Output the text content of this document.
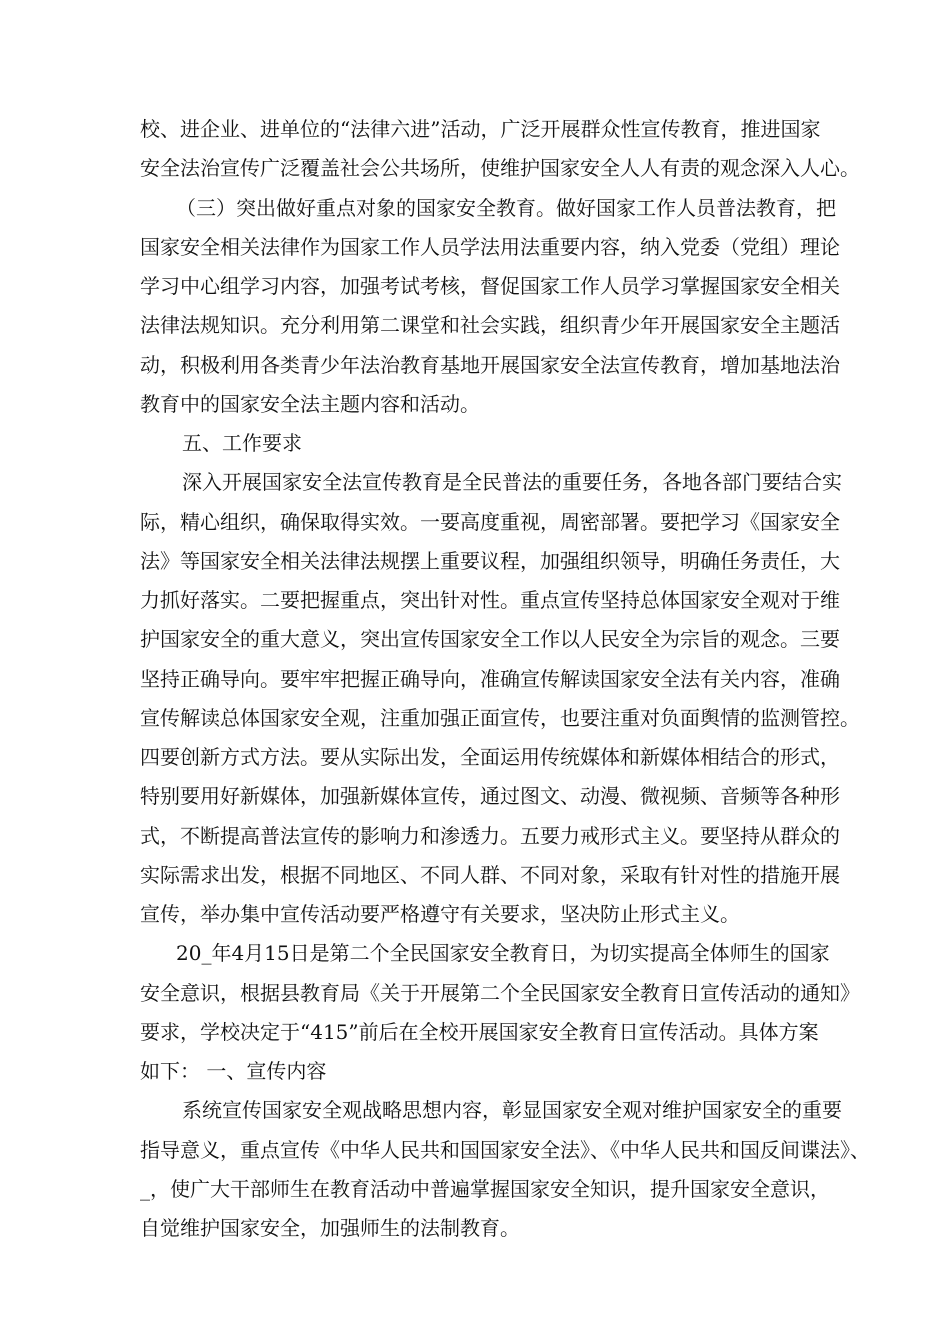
校、进企业、进单位的“法律六进”活动，广泛开展群众性宣传教育，推进国家
安全法治宣传广泛覆盖社会公共场所，使维护国家安全人人有责的观念深入人心。
（三）突出做好重点对象的国家安全教育。做好国家工作人员普法教育，把
国家安全相关法律作为国家工作人员学法用法重要内容，纳入党委（党组）理论
学习中心组学习内容，加强考试考核，督促国家工作人员学习掌握国家安全相关
法律法规知识。充分利用第二课堂和社会实践，组织青少年开展国家安全主题活
动，积极利用各类青少年法治教育基地开展国家安全法宣传教育，增加基地法治
教育中的国家安全法主题内容和活动。
五、工作要求
深入开展国家安全法宣传教育是全民普法的重要任务，各地各部门要结合实
际，精心组织，确保取得实效。一要高度重视，周密部署。要把学习《国家安全
法》等国家安全相关法律法规摆上重要议程，加强组织领导，明确任务责任，大
力抓好落实。二要把握重点，突出针对性。重点宣传坚持总体国家安全观对于维
护国家安全的重大意义，突出宣传国家安全工作以人民安全为宗旨的观念。三要
坚持正确导向。要牢牢把握正确导向，准确宣传解读国家安全法有关内容，准确
宣传解读总体国家安全观，注重加强正面宣传，也要注重对负面舆情的监测管控。
四要创新方式方法。要从实际出发，全面运用传统媒体和新媒体相结合的形式，
特别要用好新媒体，加强新媒体宣传，通过图文、动漫、微视频、音频等各种形
式，不断提高普法宣传的影响力和渗透力。五要力戒形式主义。要坚持从群众的
实际需求出发，根据不同地区、不同人群、不同对象，采取有针对性的措施开展
宣传，举办集中宣传活动要严格遵守有关要求，坚决防止形式主义。
20_年4月15日是第二个全民国家安全教育日，为切实提高全体师生的国家
安全意识，根据县教育局《关于开展第二个全民国家安全教育日宣传活动的通知》
要求，学校决定于“415”前后在全校开展国家安全教育日宣传活动。具体方案
如下： 一、宣传内容
系统宣传国家安全观战略思想内容，彰显国家安全观对维护国家安全的重要
指导意义，重点宣传《中华人民共和国国家安全法》、《中华人民共和国反间谍法》、
_，使广大干部师生在教育活动中普遍掌握国家安全知识，提升国家安全意识，
自觉维护国家安全，加强师生的法制教育。
